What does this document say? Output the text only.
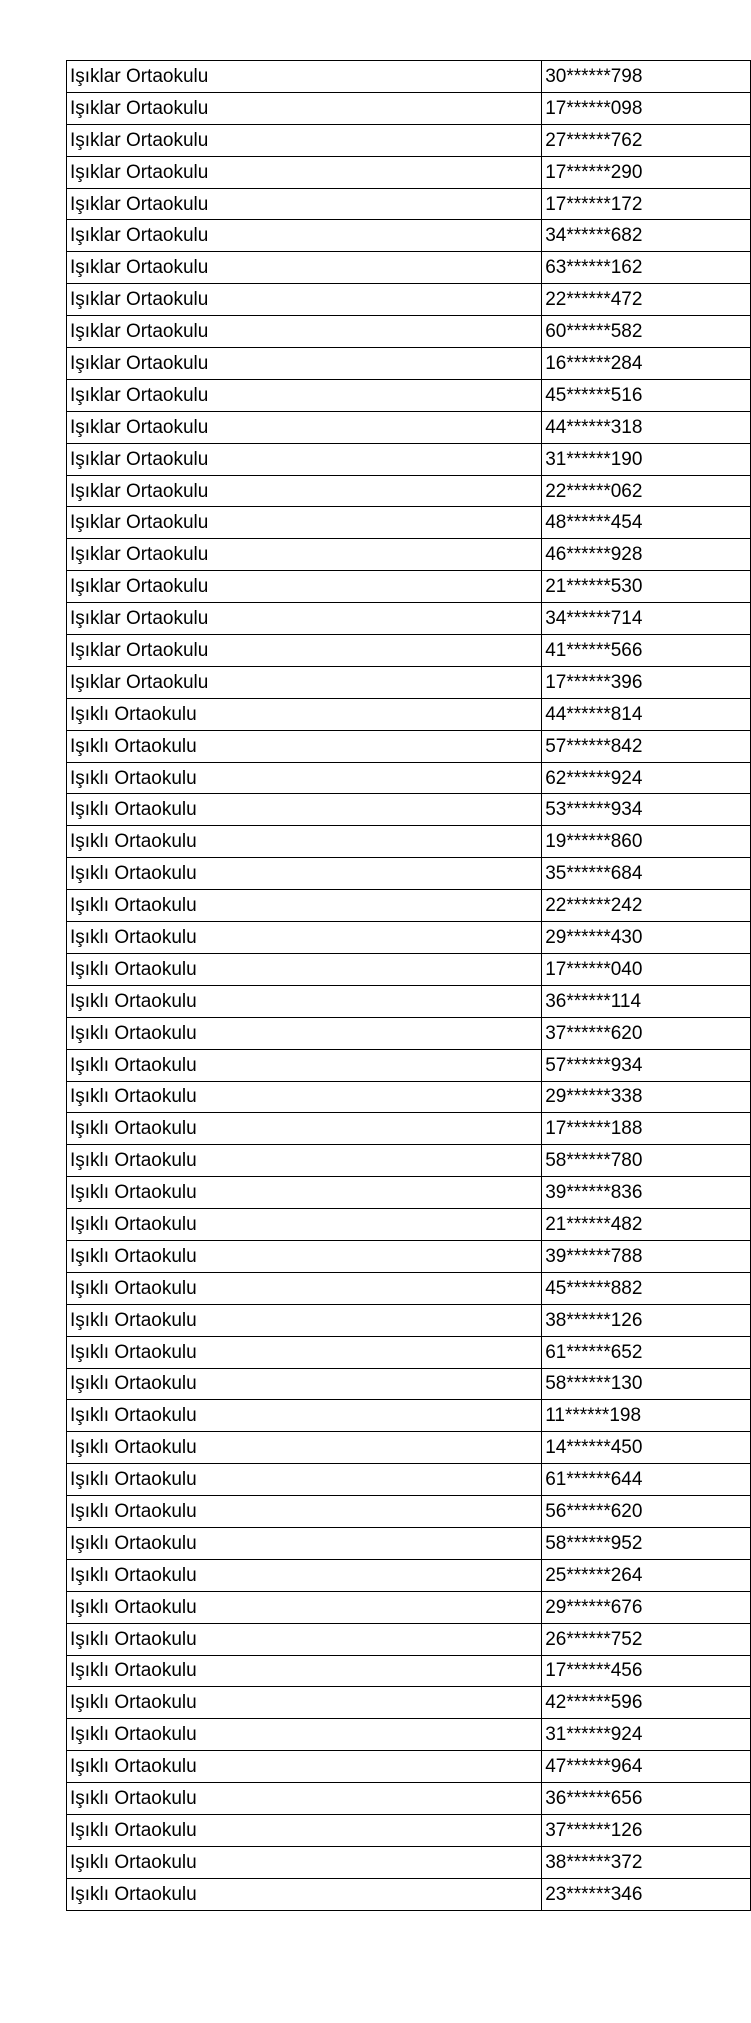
Işıklar Ortaokulu	30******798
Işıklar Ortaokulu	17******098
Işıklar Ortaokulu	27******762
Işıklar Ortaokulu	17******290
Işıklar Ortaokulu	17******172
Işıklar Ortaokulu	34******682
Işıklar Ortaokulu	63******162
Işıklar Ortaokulu	22******472
Işıklar Ortaokulu	60******582
Işıklar Ortaokulu	16******284
Işıklar Ortaokulu	45******516
Işıklar Ortaokulu	44******318
Işıklar Ortaokulu	31******190
Işıklar Ortaokulu	22******062
Işıklar Ortaokulu	48******454
Işıklar Ortaokulu	46******928
Işıklar Ortaokulu	21******530
Işıklar Ortaokulu	34******714
Işıklar Ortaokulu	41******566
Işıklar Ortaokulu	17******396
Işıklı Ortaokulu	44******814
Işıklı Ortaokulu	57******842
Işıklı Ortaokulu	62******924
Işıklı Ortaokulu	53******934
Işıklı Ortaokulu	19******860
Işıklı Ortaokulu	35******684
Işıklı Ortaokulu	22******242
Işıklı Ortaokulu	29******430
Işıklı Ortaokulu	17******040
Işıklı Ortaokulu	36******114
Işıklı Ortaokulu	37******620
Işıklı Ortaokulu	57******934
Işıklı Ortaokulu	29******338
Işıklı Ortaokulu	17******188
Işıklı Ortaokulu	58******780
Işıklı Ortaokulu	39******836
Işıklı Ortaokulu	21******482
Işıklı Ortaokulu	39******788
Işıklı Ortaokulu	45******882
Işıklı Ortaokulu	38******126
Işıklı Ortaokulu	61******652
Işıklı Ortaokulu	58******130
Işıklı Ortaokulu	11******198
Işıklı Ortaokulu	14******450
Işıklı Ortaokulu	61******644
Işıklı Ortaokulu	56******620
Işıklı Ortaokulu	58******952
Işıklı Ortaokulu	25******264
Işıklı Ortaokulu	29******676
Işıklı Ortaokulu	26******752
Işıklı Ortaokulu	17******456
Işıklı Ortaokulu	42******596
Işıklı Ortaokulu	31******924
Işıklı Ortaokulu	47******964
Işıklı Ortaokulu	36******656
Işıklı Ortaokulu	37******126
Işıklı Ortaokulu	38******372
Işıklı Ortaokulu	23******346
